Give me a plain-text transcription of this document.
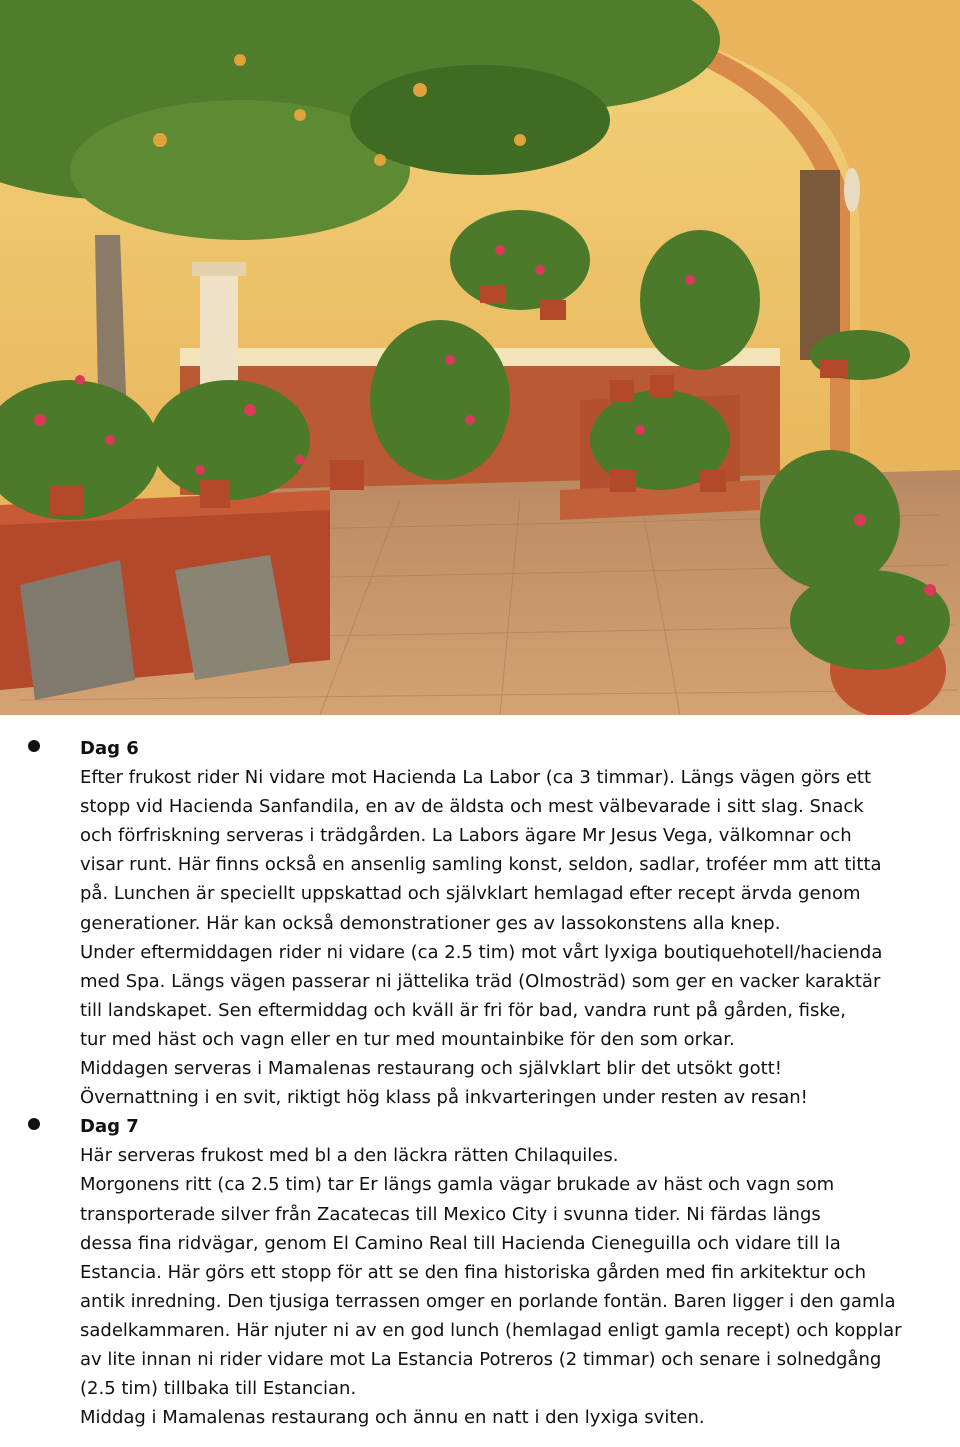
Dag 6
Efter frukost rider Ni vidare mot Hacienda La Labor (ca 3 timmar). Längs vägen görs ett
stopp vid Hacienda Sanfandila, en av de äldsta och mest välbevarade i sitt slag. Snack
och förfriskning serveras i trädgården. La Labors ägare Mr Jesus Vega, välkomnar och
visar runt. Här finns också en ansenlig samling konst, seldon, sadlar, troféer mm att titta
på. Lunchen är speciellt uppskattad och självklart hemlagad efter recept ärvda genom
generationer. Här kan också demonstrationer ges av lassokonstens alla knep.
Under eftermiddagen rider ni vidare (ca 2.5 tim) mot vårt lyxiga boutiquehotell/hacienda
med Spa. Längs vägen passerar ni jättelika träd (Olmosträd) som ger en vacker karaktär
till landskapet. Sen eftermiddag och kväll är fri för bad, vandra runt på gården, fiske,
tur med häst och vagn eller en tur med mountainbike för den som orkar.
Middagen serveras i Mamalenas restaurang och självklart blir det utsökt gott!
Övernattning i en svit, riktigt hög klass på inkvarteringen under resten av resan!
Dag 7
Här serveras frukost med bl a den läckra rätten Chilaquiles.
Morgonens ritt (ca 2.5 tim) tar Er längs gamla vägar brukade av häst och vagn som
transporterade silver från Zacatecas till Mexico City i svunna tider. Ni färdas längs
dessa fina ridvägar, genom El Camino Real till Hacienda Cieneguilla och vidare till la
Estancia. Här görs ett stopp för att se den fina historiska gården med fin arkitektur och
antik inredning. Den tjusiga terrassen omger en porlande fontän. Baren ligger i den gamla
sadelkammaren. Här njuter ni av en god lunch (hemlagad enligt gamla recept) och kopplar
av lite innan ni rider vidare mot La Estancia Potreros (2 timmar) och senare i solnedgång
(2.5 tim) tillbaka till Estancian.
Middag i Mamalenas restaurang och ännu en natt i den lyxiga sviten.
